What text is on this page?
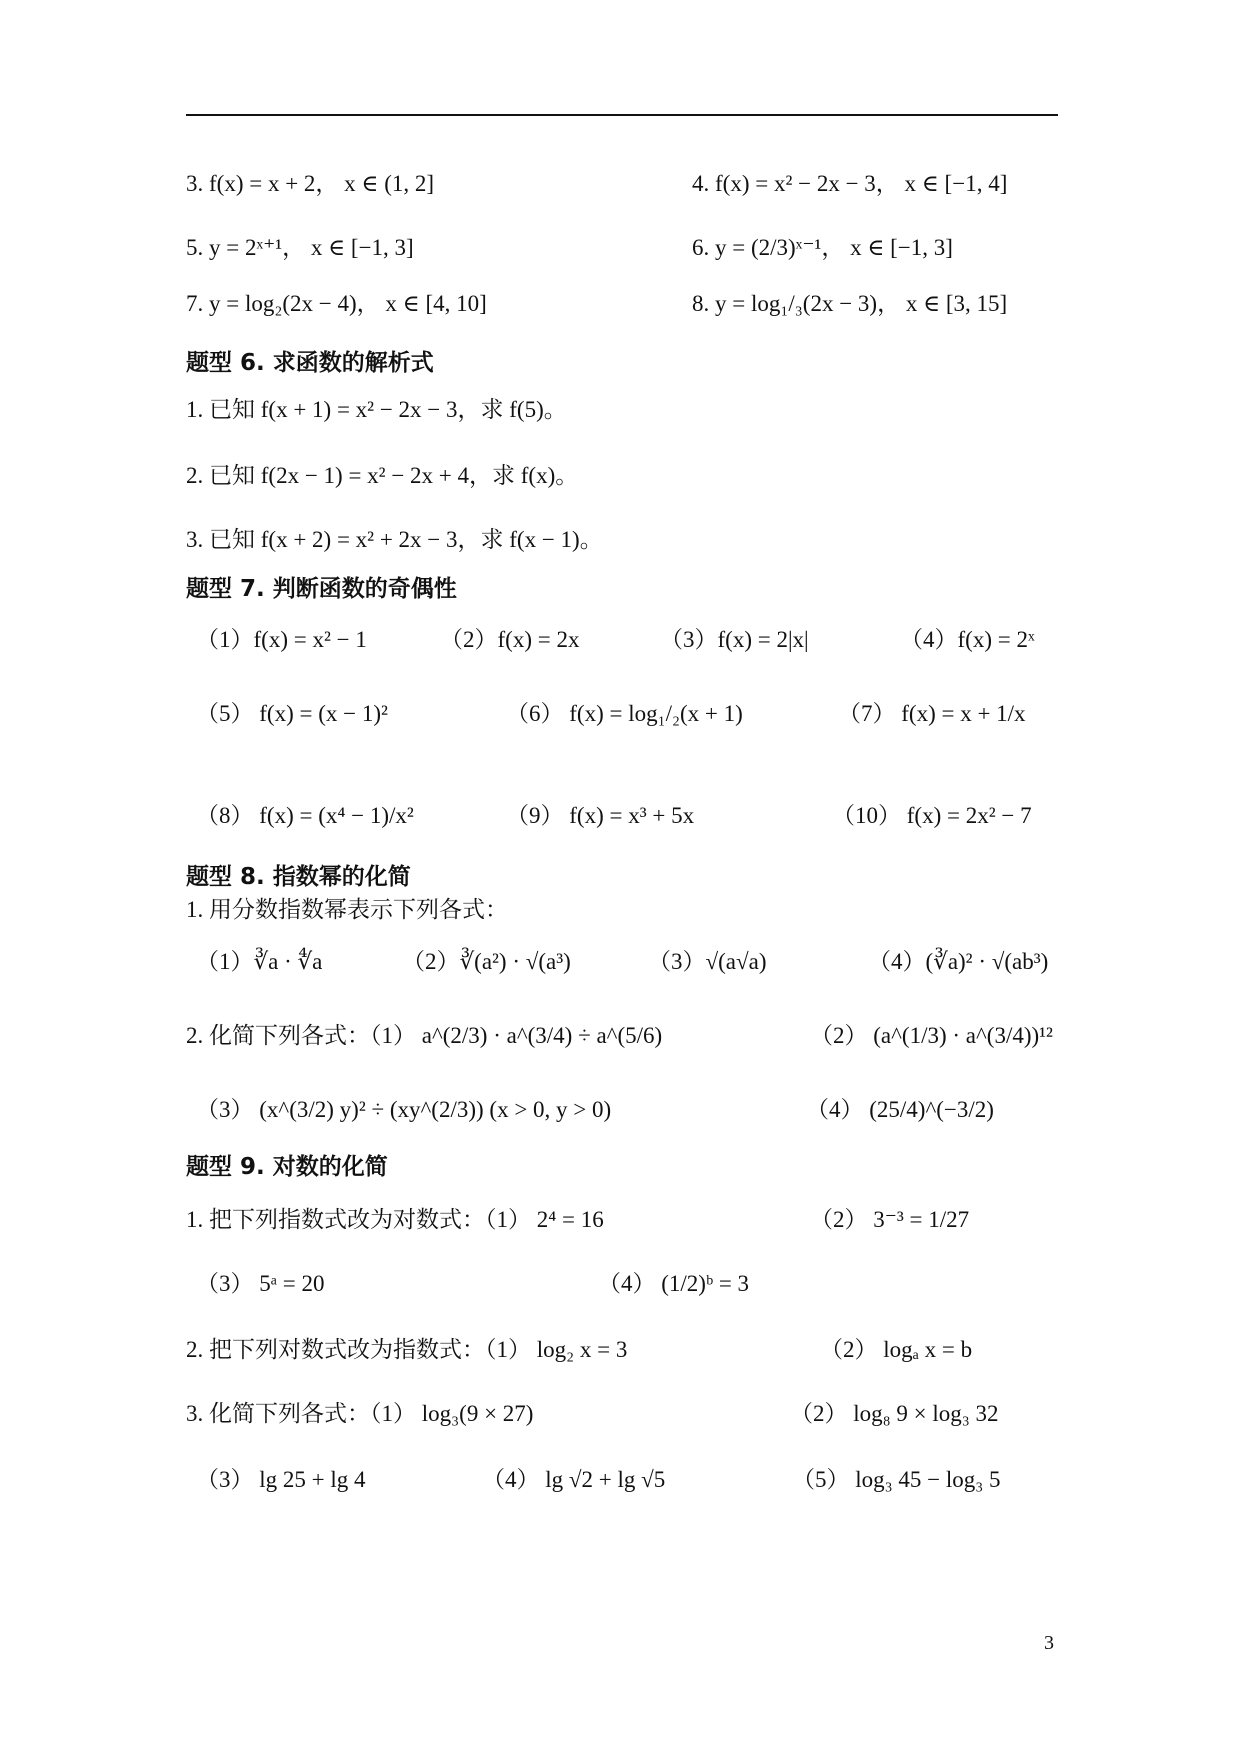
3. f(x) = x + 2， x ∈ (1, 2]	4. f(x) = x² − 2x − 3， x ∈ [−1, 4]
5. y = 2ˣ⁺¹， x ∈ [−1, 3]	6. y = (2/3)ˣ⁻¹， x ∈ [−1, 3]
7. y = log₂(2x − 4)， x ∈ [4, 10]	8. y = log₁/₃(2x − 3)， x ∈ [3, 15]
题型 6. 求函数的解析式
1. 已知 f(x + 1) = x² − 2x − 3，求 f(5)。
2. 已知 f(2x − 1) = x² − 2x + 4，求 f(x)。
3. 已知 f(x + 2) = x² + 2x − 3，求 f(x − 1)。
题型 7. 判断函数的奇偶性
（1）f(x) = x² − 1	（2）f(x) = 2x	（3）f(x) = 2|x|	（4）f(x) = 2ˣ
（5） f(x) = (x − 1)²	（6） f(x) = log₁/₂(x + 1)	（7） f(x) = x + 1/x
（8） f(x) = (x⁴ − 1)/x²	（9） f(x) = x³ + 5x	（10） f(x) = 2x² − 7
题型 8. 指数幂的化简
1. 用分数指数幂表示下列各式：
（1）∛a · ∜a	（2）∛(a²) · √(a³)	（3）√(a√a)	（4）(∛a)² · √(ab³)
2. 化简下列各式：（1） a^(2/3) · a^(3/4) ÷ a^(5/6)	（2） (a^(1/3) · a^(3/4))¹²
（3） (x^(3/2) y)² ÷ (xy^(2/3)) (x > 0, y > 0)	（4） (25/4)^(−3/2)
题型 9. 对数的化简
1. 把下列指数式改为对数式：（1） 2⁴ = 16	（2） 3⁻³ = 1/27
（3） 5ᵃ = 20	（4） (1/2)ᵇ = 3
2. 把下列对数式改为指数式：（1） log₂ x = 3	（2） logₐ x = b
3. 化简下列各式：（1） log₃(9 × 27)	（2） log₈ 9 × log₃ 32
（3） lg 25 + lg 4	（4） lg √2 + lg √5	（5） log₃ 45 − log₃ 5
3
